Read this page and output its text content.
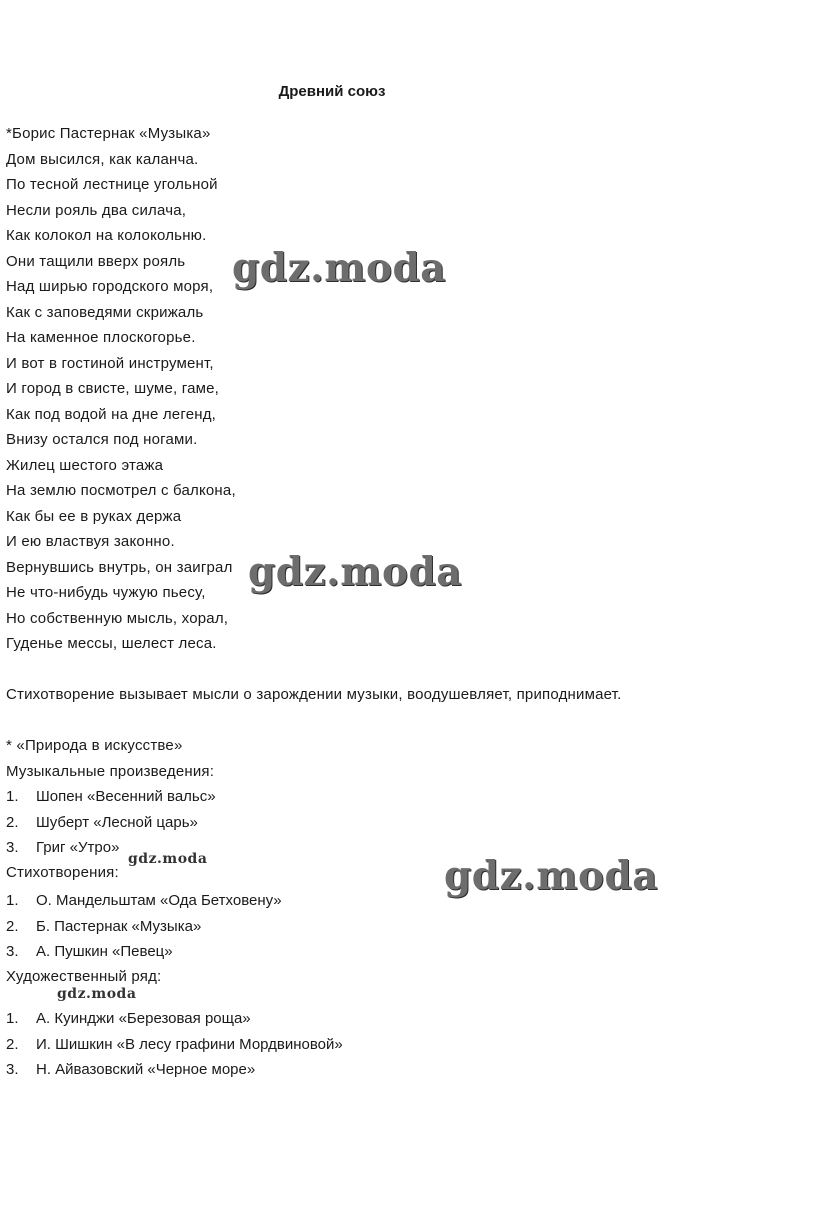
Древний союз
*Борис Пастернак «Музыка»
Дом высился, как каланча.
По тесной лестнице угольной
Несли рояль два силача,
Как колокол на колокольню.
Они тащили вверх рояль
Над ширью городского моря,
Как с заповедями скрижаль
На каменное плоскогорье.
И вот в гостиной инструмент,
И город в свисте, шуме, гаме,
Как под водой на дне легенд,
Внизу остался под ногами.
Жилец шестого этажа
На землю посмотрел с балкона,
Как бы ее в руках держа
И ею властвуя законно.
Вернувшись внутрь, он заиграл
Не что-нибудь чужую пьесу,
Но собственную мысль, хорал,
Гуденье мессы, шелест леса.
Стихотворение вызывает мысли о зарождении музыки, воодушевляет, приподнимает.
* «Природа в искусстве»
Музыкальные произведения:
1. Шопен «Весенний вальс»
2. Шуберт «Лесной царь»
3. Григ «Утро»
Стихотворения:
1. О. Мандельштам «Ода Бетховену»
2. Б. Пастернак «Музыка»
3. А. Пушкин «Певец»
Художественный ряд:
1. А. Куинджи «Березовая роща»
2. И. Шишкин «В лесу графини Мордвиновой»
3. Н. Айвазовский «Черное море»
gdz.moda
gdz.moda
gdz.moda
gdz.moda
gdz.moda
